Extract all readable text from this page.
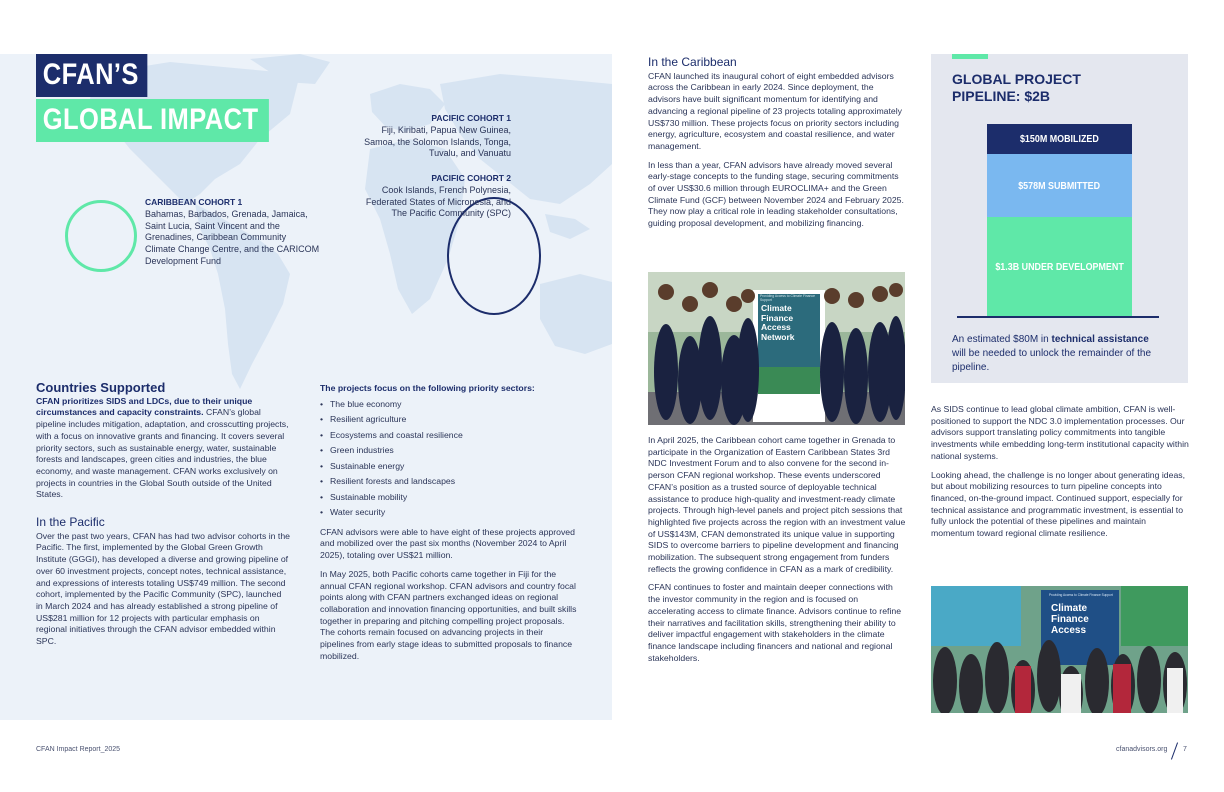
CFAN’S
GLOBAL IMPACT	PACIFIC COHORT 1
Fiji, Kiribati, Papua New Guinea,
Samoa, the Solomon Islands, Tonga,
Tuvalu, and Vanuatu
PACIFIC COHORT 2
Cook Islands, French Polynesia,
Federated States of Micronesia, and
The Pacific Community (SPC)
CARIBBEAN COHORT 1
Bahamas, Barbados, Grenada, Jamaica,
Saint Lucia, Saint Vincent and the
Grenadines, Caribbean Community
Climate Change Centre, and the CARICOM
Development Fund
Countries Supported

CFAN prioritizes SIDS and LDCs, due to their unique circumstances and capacity constraints. CFAN’s global pipeline includes mitigation, adaptation, and crosscutting projects, with a focus on innovative grants and financing. It covers several priority sectors, such as sustainable energy, water, sustainable forests and landscapes, green cities and industries, the blue economy, and waste management. CFAN works exclusively on projects in countries in the Global South outside of the United States.

In the Pacific

Over the past two years, CFAN has had two advisor cohorts in the Pacific. The first, implemented by the Global Green Growth Institute (GGGI), has developed a diverse and growing pipeline of over 60 investment projects, concept notes, technical assistance, and expressions of interests totaling US$749 million. The second cohort, implemented by the Pacific Community (SPC), launched in March 2024 and has already established a strong pipeline of US$281 million for 12 projects with particular emphasis on regional initiatives through the CFAN advisor embedded within SPC.

The projects focus on the following priority sectors:
• The blue economy
• Resilient agriculture
• Ecosystems and coastal resilience
• Green industries
• Sustainable energy
• Resilient forests and landscapes
• Sustainable mobility
• Water security

CFAN advisors were able to have eight of these projects approved and mobilized over the past six months (November 2024 to April 2025), totaling over US$21 million.

In May 2025, both Pacific cohorts came together in Fiji for the annual CFAN regional workshop. CFAN advisors and country focal points along with CFAN partners exchanged ideas on regional collaboration and innovation financing opportunities, and built skills together in preparing and pitching compelling project proposals. The cohorts remain focused on advancing projects in their pipelines from early stage ideas to submitted proposals to finance mobilized.

In the Caribbean

CFAN launched its inaugural cohort of eight embedded advisors across the Caribbean in early 2024. Since deployment, the advisors have built significant momentum for identifying and advancing a regional pipeline of 23 projects totaling approximately US$730 million. These projects focus on priority sectors including energy, agriculture, ecosystem and coastal resilience, and water management.

In less than a year, CFAN advisors have already moved several early-stage concepts to the funding stage, securing commitments of over US$30.6 million through EUROCLIMA+ and the Green Climate Fund (GCF) between November 2024 and February 2025. They now play a critical role in leading stakeholder consultations, guiding proposal development, and mobilizing financing.

Providing Access to Climate Finance Support
Climate
Finance
Access
Network

In April 2025, the Caribbean cohort came together in Grenada to participate in the Organization of Eastern Caribbean States 3rd NDC Investment Forum and to also convene for the second in-person CFAN regional workshop. These events underscored CFAN’s position as a trusted source of deployable technical assistance to produce high-quality and investment-ready climate projects. Through high-level panels and project pitch sessions that highlighted five projects across the region with an investment value of US$143M, CFAN demonstrated its unique value in supporting SIDS to overcome barriers to pipeline development and financing mobilization. The subsequent strong engagement from funders reflects the growing confidence in CFAN as a mark of credibility.

CFAN continues to foster and maintain deeper connections with the investor community in the region and is focused on accelerating access to climate finance. Advisors continue to refine their narratives and facilitation skills, strengthening their ability to deliver impactful engagement with stakeholders in the climate finance landscape including financers and national and regional stakeholders.

GLOBAL PROJECT
PIPELINE: $2B
$150M MOBILIZED
$578M SUBMITTED
$1.3B UNDER DEVELOPMENT
An estimated $80M in technical assistance will be needed to unlock the remainder of the pipeline.

As SIDS continue to lead global climate ambition, CFAN is well-positioned to support the NDC 3.0 implementation processes. Our advisors support translating policy commitments into tangible investments while embedding long-term institutional capacity within national systems.

Looking ahead, the challenge is no longer about generating ideas, but about mobilizing resources to turn pipeline concepts into financed, on-the-ground impact. Continued support, especially for technical assistance and programmatic investment, is essential to fully unlock the potential of these pipelines and maintain momentum toward regional climate resilience.

Providing Access to Climate Finance Support
Climate
Finance
Access
CFAN Impact Report_2025	cfanadvisors.org 7
